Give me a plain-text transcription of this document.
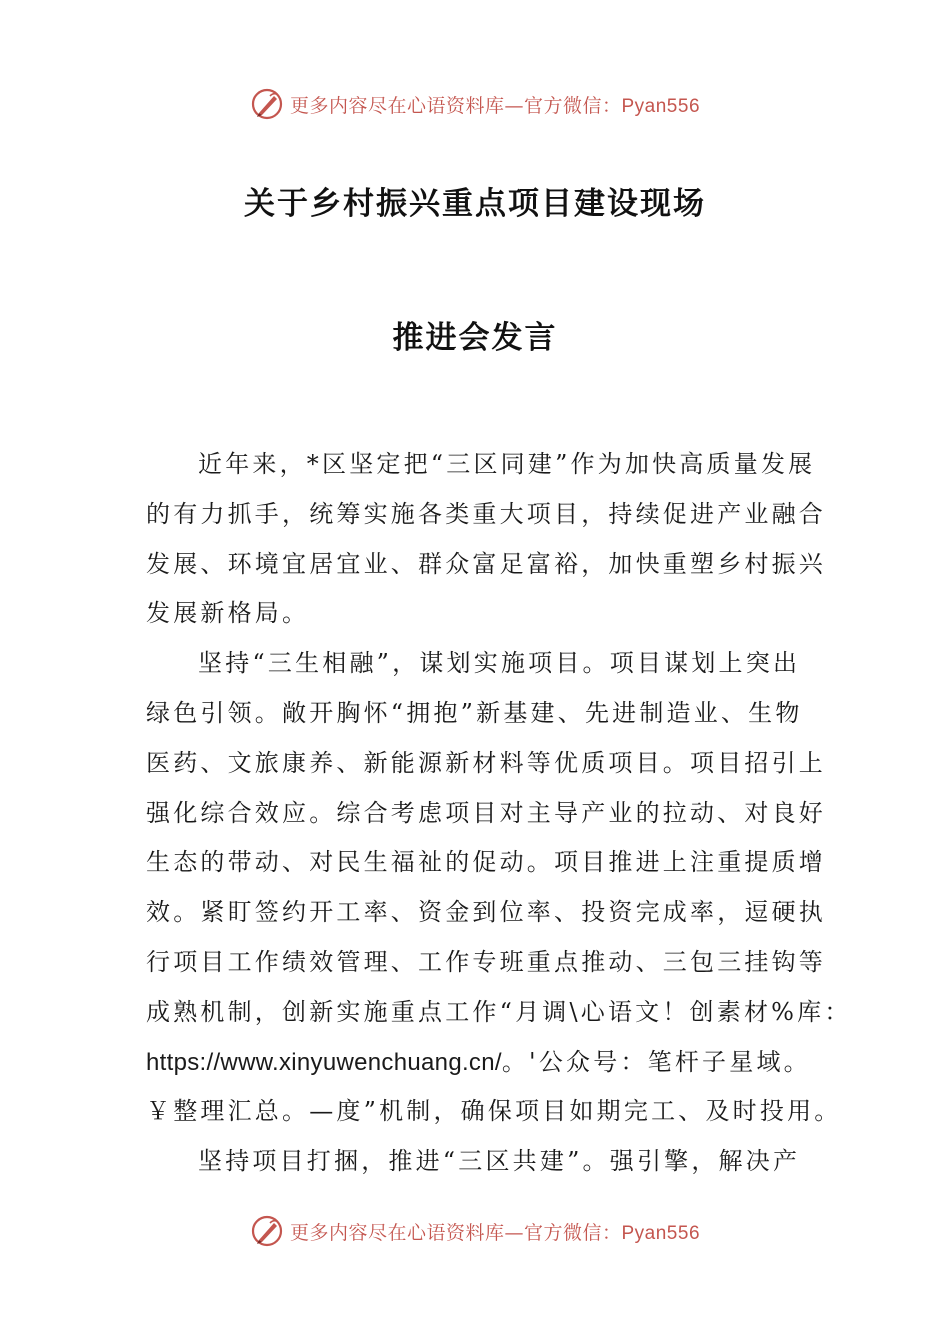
更多内容尽在心语资料库—官方微信：Pyan556
关于乡村振兴重点项目建设现场
推进会发言
近年来，*区坚定把“三区同建”作为加快高质量发展
的有力抓手，统筹实施各类重大项目，持续促进产业融合
发展、环境宜居宜业、群众富足富裕，加快重塑乡村振兴
发展新格局。
坚持“三生相融”，谋划实施项目。项目谋划上突出
绿色引领。敞开胸怀“拥抱”新基建、先进制造业、生物
医药、文旅康养、新能源新材料等优质项目。项目招引上
强化综合效应。综合考虑项目对主导产业的拉动、对良好
生态的带动、对民生福祉的促动。项目推进上注重提质增
效。紧盯签约开工率、资金到位率、投资完成率，逗硬执
行项目工作绩效管理、工作专班重点推动、三包三挂钩等
成熟机制，创新实施重点工作“月调\心语文！创素材%库：
https://www.xinyuwenchuang.cn/。'公众号：笔杆子星域。
￥整理汇总。—度”机制，确保项目如期完工、及时投用。
坚持项目打捆，推进“三区共建”。强引擎，解决产
更多内容尽在心语资料库—官方微信：Pyan556
